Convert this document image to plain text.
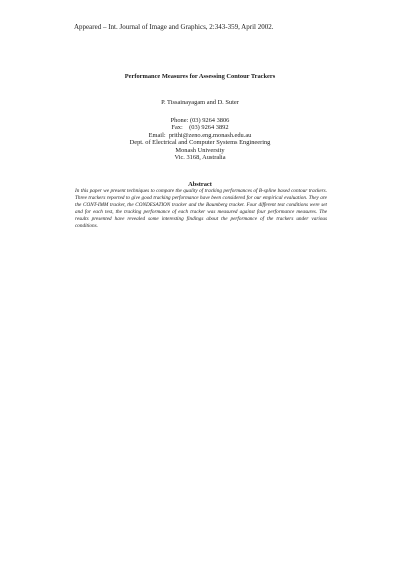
Appeared – Int. Journal of Image and Graphics, 2:343-359, April 2002.
Performance Measures for Assessing Contour Trackers
P. Tissainayagam and D. Suter
Phone: (03) 9264 3806
Fax:    (03) 9264 3892
Email:  prithi@zeno.eng.monash.edu.au
Dept. of Electrical and Computer Systems Engineering
Monash University
Vic. 3168, Australia
Abstract
In this paper we present techniques to compare the quality of tracking performances of B-spline based contour trackers. Three trackers reported to give good tracking performance have been considered for our empirical evaluation. They are the CONT-IMM tracker, the CONDESATION tracker and the Baumberg tracker. Four different test conditions were set and for each test, the tracking performance of each tracker was measured against four performance measures. The results presented have revealed some interesting findings about the performance of the trackers under various conditions.
